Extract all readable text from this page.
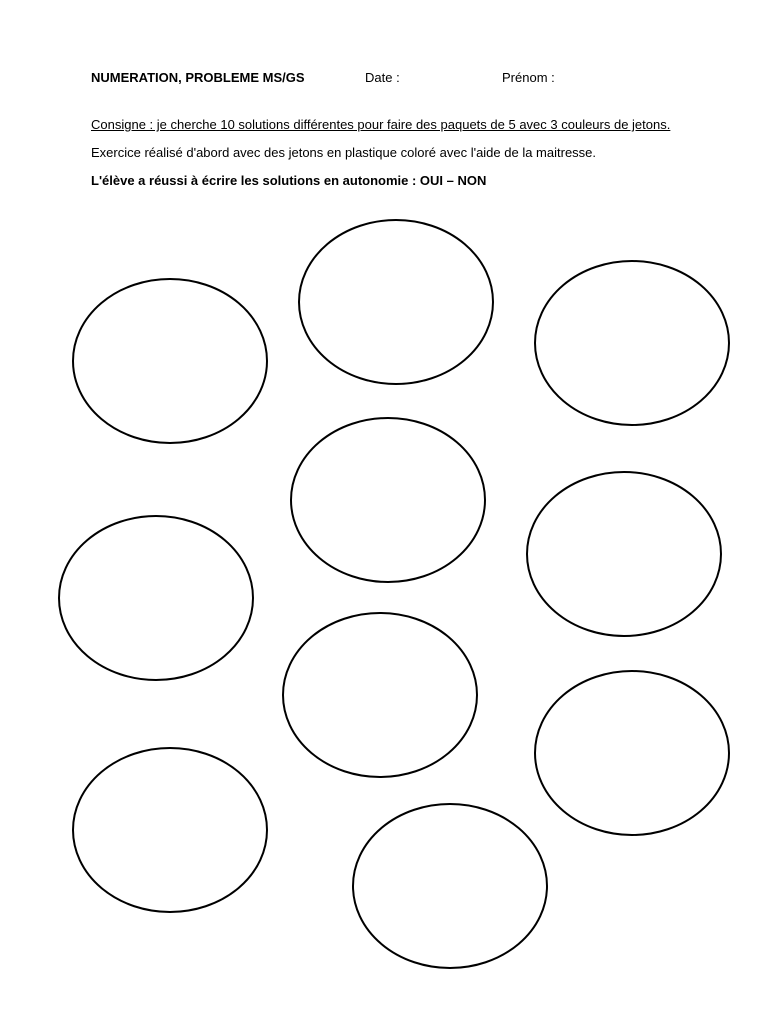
NUMERATION, PROBLEME MS/GS	Date :	Prénom :
Consigne : je cherche 10 solutions différentes pour faire des paquets de 5 avec 3 couleurs de jetons.
Exercice réalisé d'abord avec des jetons en plastique coloré avec l'aide de la maitresse.
L'élève a réussi à écrire les solutions en autonomie : OUI – NON
